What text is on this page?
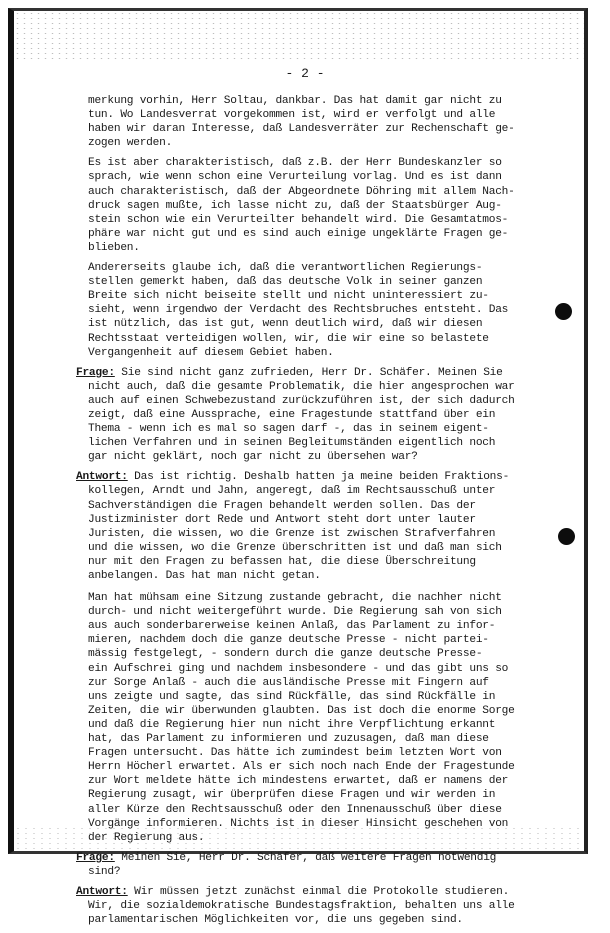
- 2 -
merkung vorhin, Herr Soltau, dankbar. Das hat damit gar nicht zu
tun. Wo Landesverrat vorgekommen ist, wird er verfolgt und alle
haben wir daran Interesse, daß Landesverräter zur Rechenschaft ge-
zogen werden.
Es ist aber charakteristisch, daß z.B. der Herr Bundeskanzler so
sprach, wie wenn schon eine Verurteilung vorlag. Und es ist dann
auch charakteristisch, daß der Abgeordnete Döhring mit allem Nach-
druck sagen mußte, ich lasse nicht zu, daß der Staatsbürger Aug-
stein schon wie ein Verurteilter behandelt wird. Die Gesamtatmos-
phäre war nicht gut und es sind auch einige ungeklärte Fragen ge-
blieben.
Andererseits glaube ich, daß die verantwortlichen Regierungs-
stellen gemerkt haben, daß das deutsche Volk in seiner ganzen
Breite sich nicht beiseite stellt und nicht uninteressiert zu-
sieht, wenn irgendwo der Verdacht des Rechtsbruches entsteht. Das
ist nützlich, das ist gut, wenn deutlich wird, daß wir diesen
Rechtsstaat verteidigen wollen, wir, die wir eine so belastete
Vergangenheit auf diesem Gebiet haben.
Frage: Sie sind nicht ganz zufrieden, Herr Dr. Schäfer. Meinen Sie
nicht auch, daß die gesamte Problematik, die hier angesprochen war
auch auf einen Schwebezustand zurückzuführen ist, der sich dadurch
zeigt, daß eine Aussprache, eine Fragestunde stattfand über ein
Thema - wenn ich es mal so sagen darf -, das in seinem eigent-
lichen Verfahren und in seinen Begleitumständen eigentlich noch
gar nicht geklärt, noch gar nicht zu übersehen war?
Antwort: Das ist richtig. Deshalb hatten ja meine beiden Fraktions-
kollegen, Arndt und Jahn, angeregt, daß im Rechtsausschuß unter
Sachverständigen die Fragen behandelt werden sollen. Das der
Justizminister dort Rede und Antwort steht dort unter lauter
Juristen, die wissen, wo die Grenze ist zwischen Strafverfahren
und die wissen, wo die Grenze überschritten ist und daß man sich
nur mit den Fragen zu befassen hat, die diese Überschreitung
anbelangen. Das hat man nicht getan.
Man hat mühsam eine Sitzung zustande gebracht, die nachher nicht
durch- und nicht weitergeführt wurde. Die Regierung sah von sich
aus auch sonderbarerweise keinen Anlaß, das Parlament zu infor-
mieren, nachdem doch die ganze deutsche Presse - nicht partei-
mässig festgelegt, - sondern durch die ganze deutsche Presse-
ein Aufschrei ging und nachdem insbesondere - und das gibt uns so
zur Sorge Anlaß - auch die ausländische Presse mit Fingern auf
uns zeigte und sagte, das sind Rückfälle, das sind Rückfälle in
Zeiten, die wir überwunden glaubten. Das ist doch die enorme Sorge
und daß die Regierung hier nun nicht ihre Verpflichtung erkannt
hat, das Parlament zu informieren und zuzusagen, daß man diese
Fragen untersucht. Das hätte ich zumindest beim letzten Wort von
Herrn Höcherl erwartet. Als er sich noch nach Ende der Fragestunde
zur Wort meldete hätte ich mindestens erwartet, daß er namens der
Regierung zusagt, wir überprüfen diese Fragen und wir werden in
aller Kürze den Rechtsausschuß oder den Innenausschuß über diese
Vorgänge informieren. Nichts ist in dieser Hinsicht geschehen von
der Regierung aus.
Frage: Meinen Sie, Herr Dr. Schäfer, daß weitere Fragen notwendig
sind?
Antwort: Wir müssen jetzt zunächst einmal die Protokolle studieren.
Wir, die sozialdemokratische Bundestagsfraktion, behalten uns alle
parlamentarischen Möglichkeiten vor, die uns gegeben sind.
